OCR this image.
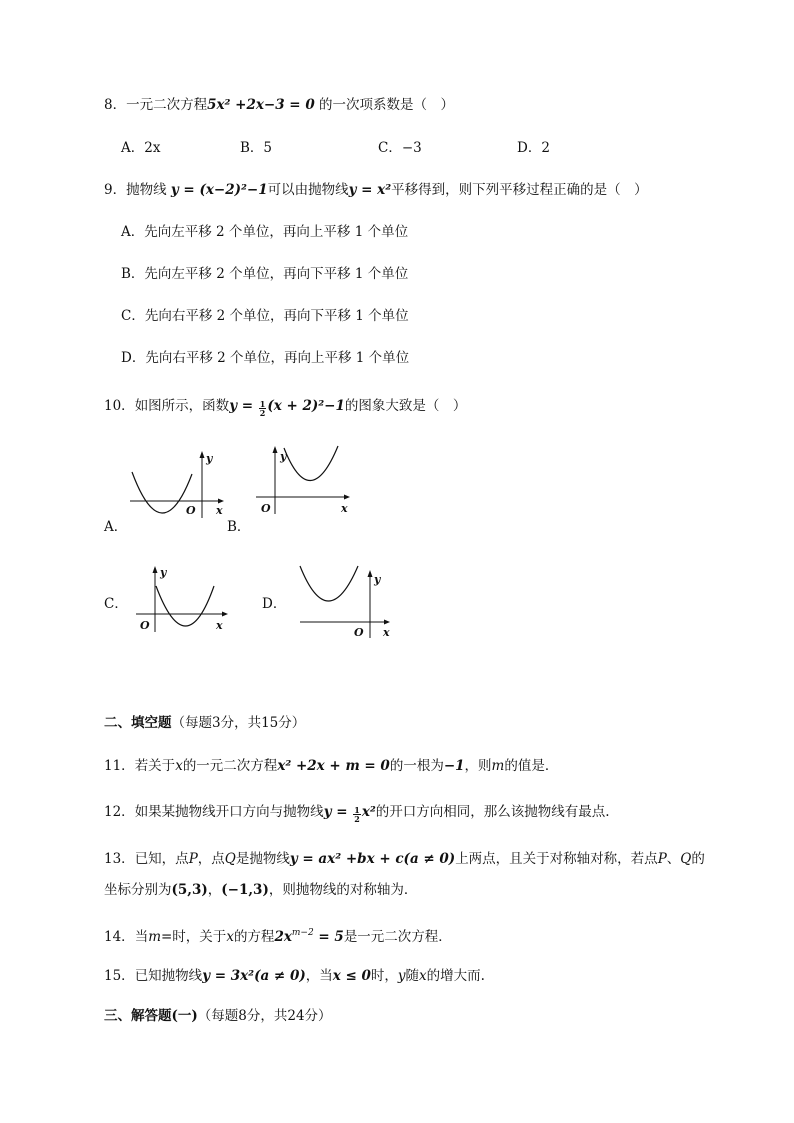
8．一元二次方程5x² +2x−3 = 0 的一次项系数是（　）
A．2x	B．5	C．−3	D．2
9．抛物线 y = (x−2)²−1可以由抛物线y = x²平移得到，则下列平移过程正确的是（　）
A．先向左平移 2 个单位，再向上平移 1 个单位
B．先向左平移 2 个单位，再向下平移 1 个单位
C．先向右平移 2 个单位，再向下平移 1 个单位
D．先向右平移 2 个单位，再向上平移 1 个单位
10．如图所示，函数$y = \frac{1}{2} (x + 2)^2-1$的图象大致是（　）
A．	B．
C．	D．
O x
y
O	x
y
O	x
y
O x
y
二、填空题（每题3分，共15分）
11．若关于x的一元二次方程x² +2x + m = 0的一根为−1，则m的值是．
12．如果某抛物线开口方向与抛物线$y = \frac{1}{2} x^2$的开口方向相同，那么该抛物线有最点.
13．已知，点P，点Q是抛物线y = ax² +bx + c(a ≠ 0)上两点，且关于对称轴对称，若点P、Q的
坐标分别为(5,3)，(−1,3)，则抛物线的对称轴为．
14．当m=时，关于x的方程$2x^{m-2} = 5$是一元二次方程．
15．已知抛物线y = 3x²(a ≠ 0)，当x ≤ 0时，y随x的增大而.
三、解答题(一)（每题8分，共24分）
